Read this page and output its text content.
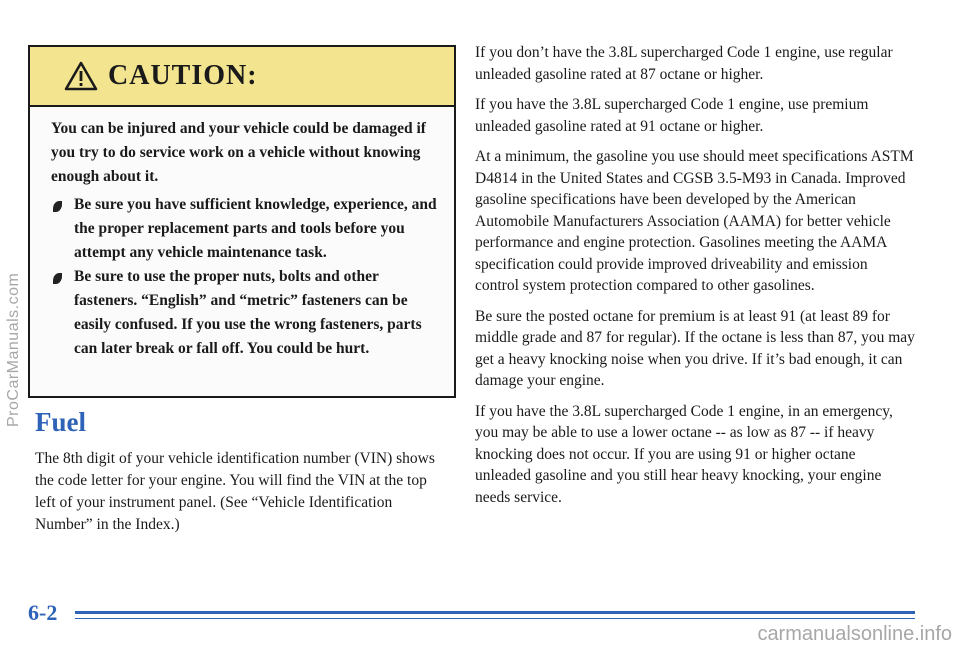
ProCarManuals.com
CAUTION:

You can be injured and your vehicle could be damaged if you try to do service work on a vehicle without knowing enough about it.

Be sure you have sufficient knowledge, experience, and the proper replacement parts and tools before you attempt any vehicle maintenance task.
Be sure to use the proper nuts, bolts and other fasteners. “English” and “metric” fasteners can be easily confused. If you use the wrong fasteners, parts can later break or fall off. You could be hurt.
Fuel

The 8th digit of your vehicle identification number (VIN) shows the code letter for your engine. You will find the VIN at the top left of your instrument panel. (See “Vehicle Identification Number” in the Index.)

If you don’t have the 3.8L supercharged Code 1 engine, use regular unleaded gasoline rated at 87 octane or higher.

If you have the 3.8L supercharged Code 1 engine, use premium unleaded gasoline rated at 91 octane or higher.

At a minimum, the gasoline you use should meet specifications ASTM D4814 in the United States and CGSB 3.5-M93 in Canada. Improved gasoline specifications have been developed by the American Automobile Manufacturers Association (AAMA) for better vehicle performance and engine protection. Gasolines meeting the AAMA specification could provide improved driveability and emission control system protection compared to other gasolines.

Be sure the posted octane for premium is at least 91 (at least 89 for middle grade and 87 for regular). If the octane is less than 87, you may get a heavy knocking noise when you drive. If it’s bad enough, it can damage your engine.

If you have the 3.8L supercharged Code 1 engine, in an emergency, you may be able to use a lower octane -- as low as 87 -- if heavy knocking does not occur. If you are using 91 or higher octane unleaded gasoline and you still hear heavy knocking, your engine needs service.

6-2
carmanualsonline.info
